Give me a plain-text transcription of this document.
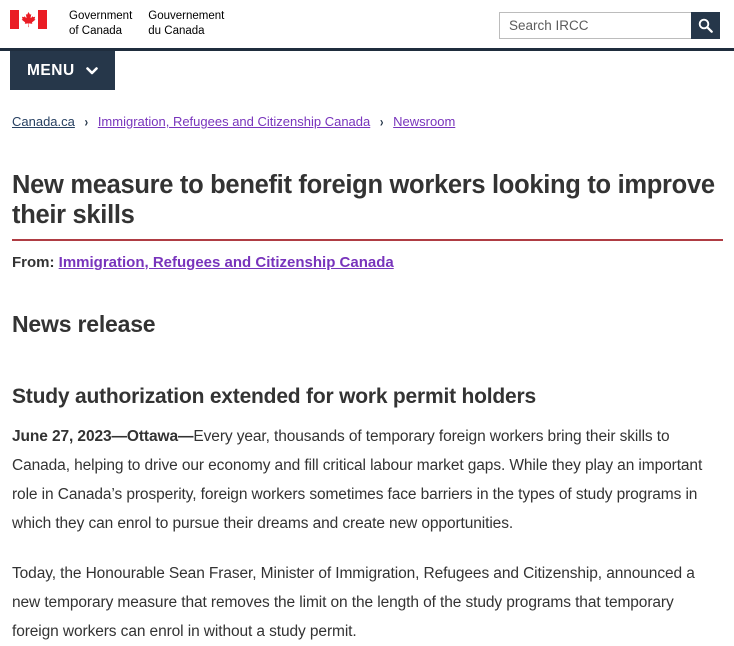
Government
of Canada
Gouvernement
du Canada
Search IRCC
MENU
Canada.ca › Immigration, Refugees and Citizenship Canada › Newsroom
New measure to benefit foreign workers looking to improve their skills

From: Immigration, Refugees and Citizenship Canada

News release
Study authorization extended for work permit holders

June 27, 2023—Ottawa—Every year, thousands of temporary foreign workers bring their skills to Canada, helping to drive our economy and fill critical labour market gaps. While they play an important role in Canada’s prosperity, foreign workers sometimes face barriers in the types of study programs in which they can enrol to pursue their dreams and create new opportunities.

Today, the Honourable Sean Fraser, Minister of Immigration, Refugees and Citizenship, announced a new temporary measure that removes the limit on the length of the study programs that temporary foreign workers can enrol in without a study permit.
